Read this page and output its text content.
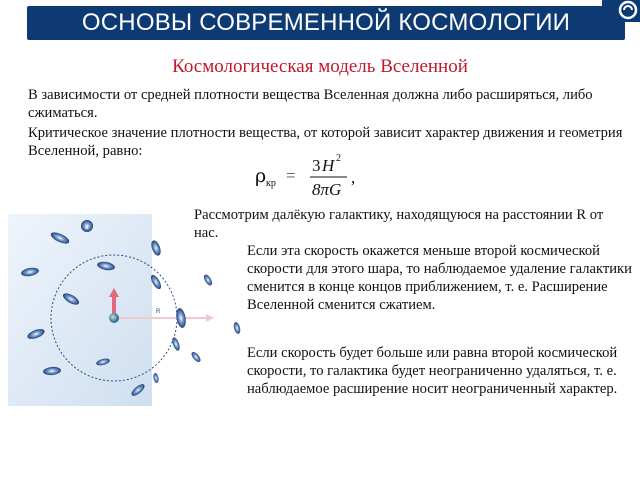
ОСНОВЫ СОВРЕМЕННОЙ КОСМОЛОГИИ
Космологическая модель Вселенной
В зависимости от средней плотности вещества Вселенная должна либо расширяться, либо сжиматься.
Критическое значение плотности вещества, от которой зависит характер движения и геометрия Вселенной, равно:
ρ кр =
3 H 2
8πG
,
Рассмотрим далёкую галактику, находящуюся на расстоянии R от нас.
Если эта скорость окажется меньше второй космической скорости для этого шара, то наблюдаемое удаление галактики сменится в конце концов приближением, т. е. Расширение Вселенной сменится сжатием.
Если скорость будет больше или равна второй космической скорости, то галактика будет неограниченно удаляться, т. е. наблюдаемое расширение носит неограниченный характер.
R
a
